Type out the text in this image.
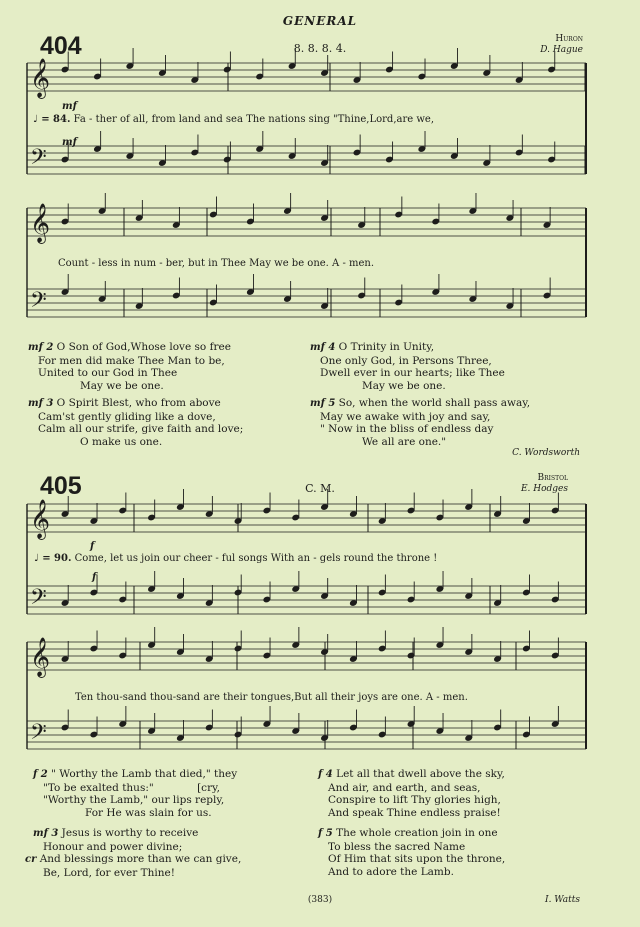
GENERAL
404	8. 8. 8. 4.
Huron
D. Hague
mf
♩ = 84. Fa - ther of all, from land and sea The nations sing "Thine,Lord,are we,
mf
Count - less in num - ber, but in Thee May we be one. A - men.
mf 2 O Son of God,Whose love so free
For men did make Thee Man to be,
United to our God in Thee
May we be one.
mf 3 O Spirit Blest, who from above
Cam'st gently gliding like a dove,
Calm all our strife, give faith and love;
O make us one.
mf 4 O Trinity in Unity,
One only God, in Persons Three,
Dwell ever in our hearts; like Thee
May we be one.
mf 5 So, when the world shall pass away,
May we awake with joy and say,
" Now in the bliss of endless day
We all are one."
C. Wordsworth
405	C. M.
Bristol
E. Hodges
f
♩ = 90. Come, let us join our cheer - ful songs With an - gels round the throne !
f
Ten thou-sand thou-sand are their tongues,But all their joys are one. A - men.
f 2 " Worthy the Lamb that died," they
"To be exalted thus:"             [cry,
"Worthy the Lamb," our lips reply,
For He was slain for us.
mf 3 Jesus is worthy to receive
Honour and power divine;
cr And blessings more than we can give,
Be, Lord, for ever Thine!
f 4 Let all that dwell above the sky,
And air, and earth, and seas,
Conspire to lift Thy glories high,
And speak Thine endless praise!
f 5 The whole creation join in one
To bless the sacred Name
Of Him that sits upon the throne,
And to adore the Lamb.
(383)	I. Watts
𝄞
𝄢
𝄞
𝄢
𝄞
𝄢
𝄞
𝄢
